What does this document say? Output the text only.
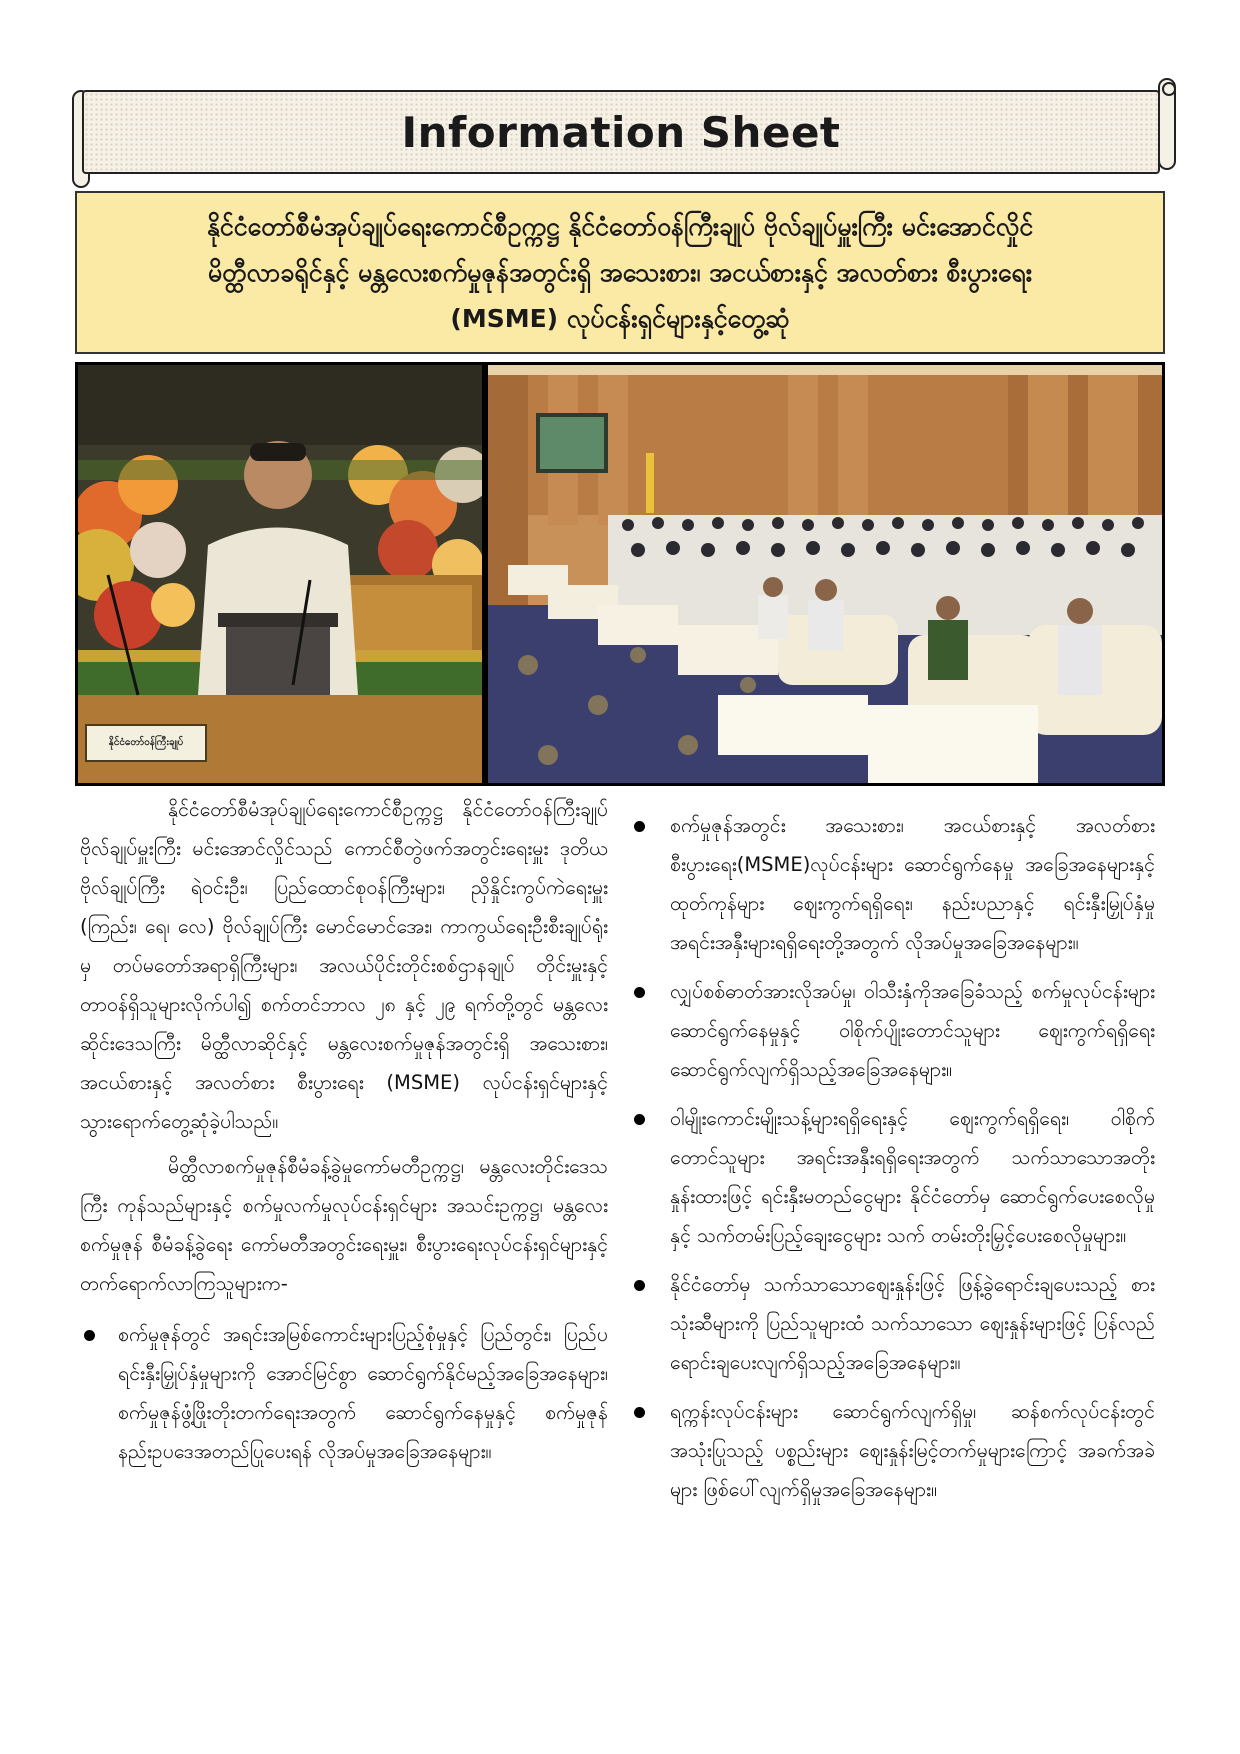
Information Sheet
နိုင်ငံတော်စီမံအုပ်ချုပ်ရေးကောင်စီဥက္ကဋ္ဌ နိုင်ငံတော်ဝန်ကြီးချုပ် ဗိုလ်ချုပ်မှူးကြီး မင်းအောင်လှိုင်
မိတ္ထီလာခရိုင်နှင့် မန္တလေးစက်မှုဇုန်အတွင်းရှိ အသေးစား၊ အငယ်စားနှင့် အလတ်စား စီးပွားရေး
(MSME) လုပ်ငန်းရှင်များနှင့်တွေ့ဆုံ
နိုင်ငံတော်ဝန်ကြီးချုပ်

နိုင်ငံတော်စီမံအုပ်ချုပ်ရေးကောင်စီဥက္ကဋ္ဌ နိုင်ငံတော်ဝန်ကြီးချုပ် ဗိုလ်ချုပ်မှူးကြီး မင်းအောင်လှိုင်သည် ကောင်စီတွဲဖက်အတွင်းရေးမှူး ဒုတိယဗိုလ်ချုပ်ကြီး ရဲဝင်းဦး၊ ပြည်ထောင်စုဝန်ကြီးများ၊ ညှိနှိုင်းကွပ်ကဲရေးမှူး (ကြည်း၊ ရေ၊ လေ) ဗိုလ်ချုပ်ကြီး မောင်မောင်အေး၊ ကာကွယ်ရေးဦးစီးချုပ်ရုံးမှ တပ်မတော်အရာရှိကြီးများ၊ အလယ်ပိုင်းတိုင်းစစ်ဌာနချုပ် တိုင်းမှူးနှင့် တာဝန်ရှိသူများလိုက်ပါ၍ စက်တင်ဘာလ ၂၈ နှင့် ၂၉ ရက်တို့တွင် မန္တလေးဆိုင်းဒေသကြီး မိတ္ထီလာဆိုင်နှင့် မန္တလေးစက်မှုဇုန်အတွင်းရှိ အသေးစား၊ အငယ်စားနှင့် အလတ်စား စီးပွားရေး (MSME) လုပ်ငန်းရှင်များနှင့် သွားရောက်တွေ့ဆုံခဲ့ပါသည်။

မိတ္ထီလာစက်မှုဇုန်စီမံခန့်ခွဲမှုကော်မတီဥက္ကဋ္ဌ၊ မန္တလေးတိုင်းဒေသကြီး ကုန်သည်များနှင့် စက်မှုလက်မှုလုပ်ငန်းရှင်များ အသင်းဥက္ကဋ္ဌ၊ မန္တလေးစက်မှုဇုန် စီမံခန့်ခွဲရေး ကော်မတီအတွင်းရေးမှူး၊ စီးပွားရေးလုပ်ငန်းရှင်များနှင့် တက်ရောက်လာကြသူများက-

စက်မှုဇုန်တွင် အရင်းအမြစ်ကောင်းများပြည့်စုံမှုနှင့် ပြည်တွင်း၊ ပြည်ပရင်းနှီးမြှုပ်နှံမှုများကို အောင်မြင်စွာ ဆောင်ရွက်နိုင်မည့်အခြေအနေများ၊ စက်မှုဇုန်ဖွံ့ဖြိုးတိုးတက်ရေးအတွက် ဆောင်ရွက်နေမှုနှင့် စက်မှုဇုန်နည်းဥပဒေအတည်ပြုပေးရန် လိုအပ်မှုအခြေအနေများ။
စက်မှုဇုန်အတွင်း အသေးစား၊ အငယ်စားနှင့် အလတ်စား စီးပွားရေး(MSME)လုပ်ငန်းများ ဆောင်ရွက်နေမှု အခြေအနေများနှင့် ထုတ်ကုန်များ ဈေးကွက်ရရှိရေး၊ နည်းပညာနှင့် ရင်းနှီးမြှုပ်နှံမှု အရင်းအနှီးများရရှိရေးတို့အတွက် လိုအပ်မှုအခြေအနေများ။
လျှပ်စစ်ဓာတ်အားလိုအပ်မှု၊ ဝါသီးနှံကိုအခြေခံသည့် စက်မှုလုပ်ငန်းများ ဆောင်ရွက်နေမှုနှင့် ဝါစိုက်ပျိုးတောင်သူများ ဈေးကွက်ရရှိရေး ဆောင်ရွက်လျက်ရှိသည့်အခြေအနေများ။
ဝါမျိုးကောင်းမျိုးသန့်များရရှိရေးနှင့် ဈေးကွက်ရရှိရေး၊ ဝါစိုက် တောင်သူများ အရင်းအနှီးရရှိရေးအတွက် သက်သာသောအတိုးနှုန်းထားဖြင့် ရင်းနှီးမတည်ငွေများ နိုင်ငံတော်မှ ဆောင်ရွက်ပေးစေလိုမှုနှင့် သက်တမ်းပြည့်ချေးငွေများ သက် တမ်းတိုးမြှင့်ပေးစေလိုမှုများ။
နိုင်ငံတော်မှ သက်သာသောဈေးနှုန်းဖြင့် ဖြန့်ခွဲရောင်းချပေးသည့် စားသုံးဆီများကို ပြည်သူများထံ သက်သာသော ဈေးနှုန်းများဖြင့် ပြန်လည်ရောင်းချပေးလျက်ရှိသည့်အခြေအနေများ။
ရက္ကန်းလုပ်ငန်းများ ဆောင်ရွက်လျက်ရှိမှု၊ ဆန်စက်လုပ်ငန်းတွင် အသုံးပြုသည့် ပစ္စည်းများ ဈေးနှုန်းမြင့်တက်မှုများကြောင့် အခက်အခဲများ ဖြစ်ပေါ်လျက်ရှိမှုအခြေအနေများ။
